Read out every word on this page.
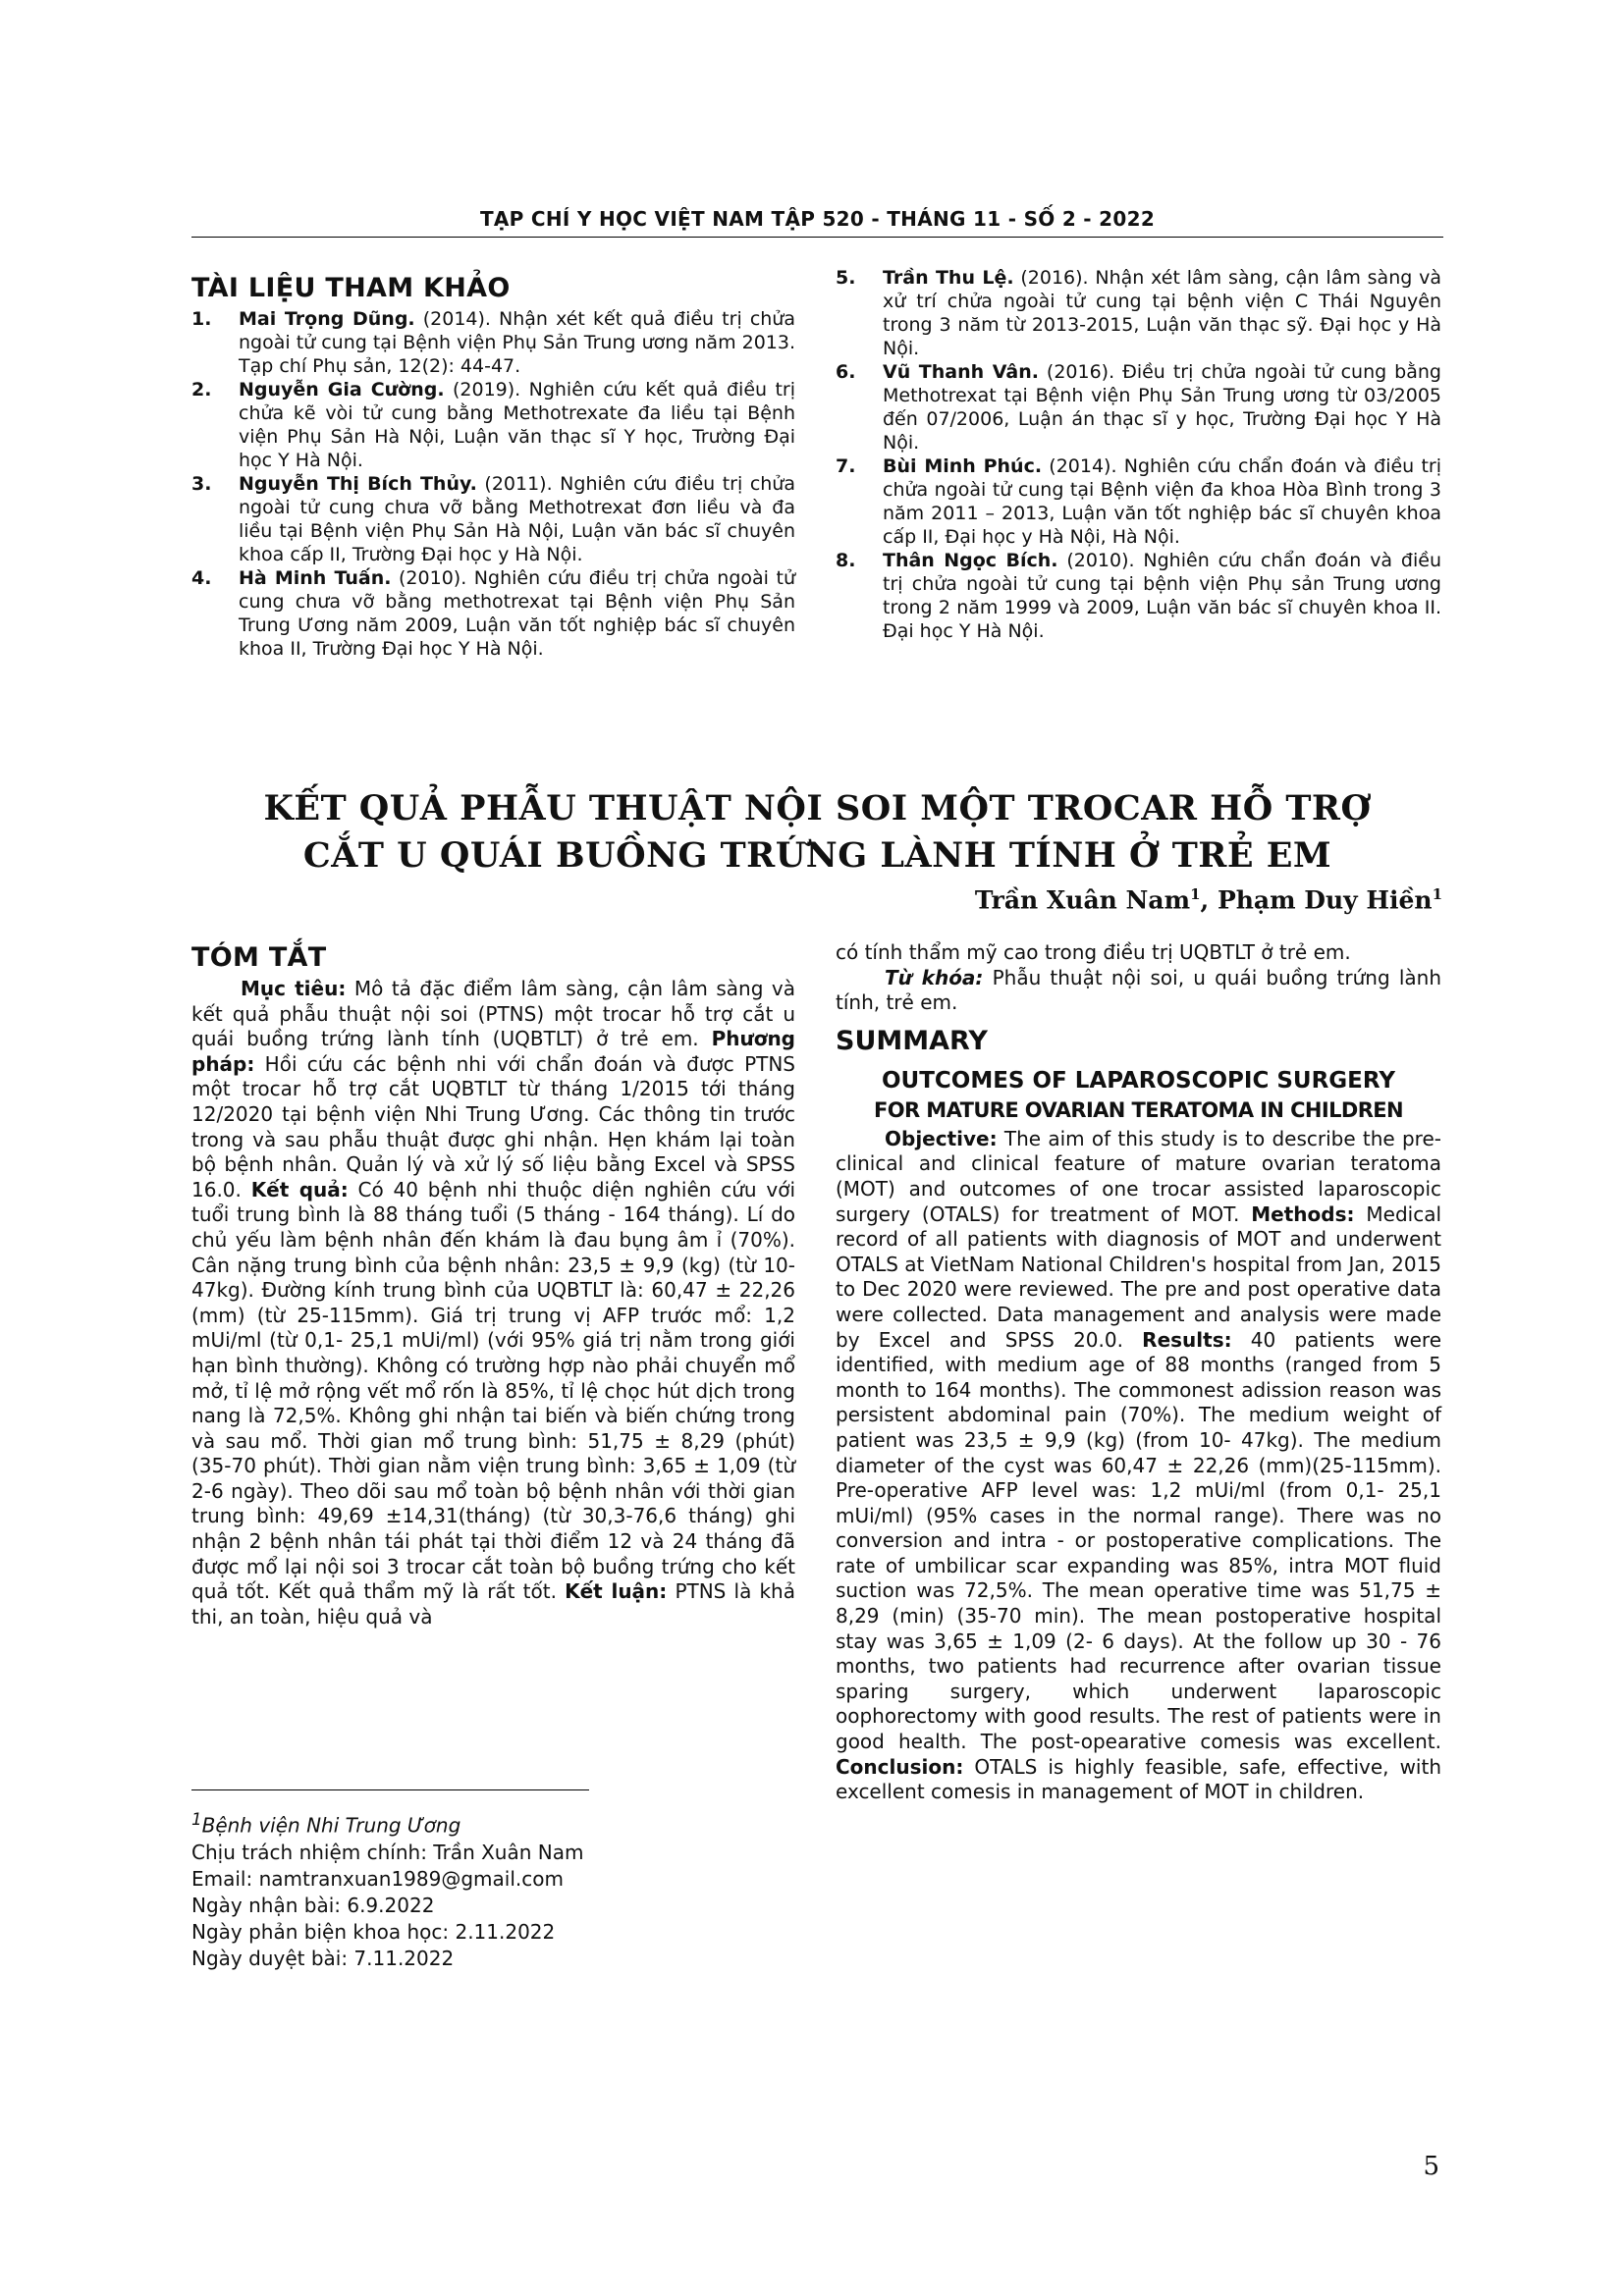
TẠP CHÍ Y HỌC VIỆT NAM TẬP 520 - THÁNG 11 - SỐ 2 - 2022
TÀI LIỆU THAM KHẢO
1.	Mai Trọng Dũng. (2014). Nhận xét kết quả điều trị chửa ngoài tử cung tại Bệnh viện Phụ Sản Trung ương năm 2013. Tạp chí Phụ sản, 12(2): 44-47.
2.	Nguyễn Gia Cường. (2019). Nghiên cứu kết quả điều trị chửa kẽ vòi tử cung bằng Methotrexate đa liều tại Bệnh viện Phụ Sản Hà Nội, Luận văn thạc sĩ Y học, Trường Đại học Y Hà Nội.
3.	Nguyễn Thị Bích Thủy. (2011). Nghiên cứu điều trị chửa ngoài tử cung chưa vỡ bằng Methotrexat đơn liều và đa liều tại Bệnh viện Phụ Sản Hà Nội, Luận văn bác sĩ chuyên khoa cấp II, Trường Đại học y Hà Nội.
4.	Hà Minh Tuấn. (2010). Nghiên cứu điều trị chửa ngoài tử cung chưa vỡ bằng methotrexat tại Bệnh viện Phụ Sản Trung Ương năm 2009, Luận văn tốt nghiệp bác sĩ chuyên khoa II, Trường Đại học Y Hà Nội.
5.	Trần Thu Lệ. (2016). Nhận xét lâm sàng, cận lâm sàng và xử trí chửa ngoài tử cung tại bệnh viện C Thái Nguyên trong 3 năm từ 2013-2015, Luận văn thạc sỹ. Đại học y Hà Nội.
6.	Vũ Thanh Vân. (2016). Điều trị chửa ngoài tử cung bằng Methotrexat tại Bệnh viện Phụ Sản Trung ương từ 03/2005 đến 07/2006, Luận án thạc sĩ y học, Trường Đại học Y Hà Nội.
7.	Bùi Minh Phúc. (2014). Nghiên cứu chẩn đoán và điều trị chửa ngoài tử cung tại Bệnh viện đa khoa Hòa Bình trong 3 năm 2011 – 2013, Luận văn tốt nghiệp bác sĩ chuyên khoa cấp II, Đại học y Hà Nội, Hà Nội.
8.	Thân Ngọc Bích. (2010). Nghiên cứu chẩn đoán và điều trị chửa ngoài tử cung tại bệnh viện Phụ sản Trung ương trong 2 năm 1999 và 2009, Luận văn bác sĩ chuyên khoa II. Đại học Y Hà Nội.
KẾT QUẢ PHẪU THUẬT NỘI SOI MỘT TROCAR HỖ TRỢ
CẮT U QUÁI BUỒNG TRỨNG LÀNH TÍNH Ở TRẺ EM
Trần Xuân Nam$^1$, Phạm Duy Hiền$^1$
TÓM TẮT

Mục tiêu: Mô tả đặc điểm lâm sàng, cận lâm sàng và kết quả phẫu thuật nội soi (PTNS) một trocar hỗ trợ cắt u quái buồng trứng lành tính (UQBTLT) ở trẻ em. Phương pháp: Hồi cứu các bệnh nhi với chẩn đoán và được PTNS một trocar hỗ trợ cắt UQBTLT từ tháng 1/2015 tới tháng 12/2020 tại bệnh viện Nhi Trung Ương. Các thông tin trước trong và sau phẫu thuật được ghi nhận. Hẹn khám lại toàn bộ bệnh nhân. Quản lý và xử lý số liệu bằng Excel và SPSS 16.0. Kết quả: Có 40 bệnh nhi thuộc diện nghiên cứu với tuổi trung bình là 88 tháng tuổi (5 tháng - 164 tháng). Lí do chủ yếu làm bệnh nhân đến khám là đau bụng âm ỉ (70%). Cân nặng trung bình của bệnh nhân: 23,5 ± 9,9 (kg) (từ 10- 47kg). Đường kính trung bình của UQBTLT là: 60,47 ± 22,26 (mm) (từ 25-115mm). Giá trị trung vị AFP trước mổ: 1,2 mUi/ml (từ 0,1- 25,1 mUi/ml) (với 95% giá trị nằm trong giới hạn bình thường). Không có trường hợp nào phải chuyển mổ mở, tỉ lệ mở rộng vết mổ rốn là 85%, tỉ lệ chọc hút dịch trong nang là 72,5%. Không ghi nhận tai biến và biến chứng trong và sau mổ. Thời gian mổ trung bình: 51,75 ± 8,29 (phút) (35-70 phút). Thời gian nằm viện trung bình: 3,65 ± 1,09 (từ 2-6 ngày). Theo dõi sau mổ toàn bộ bệnh nhân với thời gian trung bình: 49,69 ±14,31(tháng) (từ 30,3-76,6 tháng) ghi nhận 2 bệnh nhân tái phát tại thời điểm 12 và 24 tháng đã được mổ lại nội soi 3 trocar cắt toàn bộ buồng trứng cho kết quả tốt. Kết quả thẩm mỹ là rất tốt. Kết luận: PTNS là khả thi, an toàn, hiệu quả và

có tính thẩm mỹ cao trong điều trị UQBTLT ở trẻ em.

Từ khóa: Phẫu thuật nội soi, u quái buồng trứng lành tính, trẻ em.

SUMMARY
OUTCOMES OF LAPAROSCOPIC SURGERY
FOR MATURE OVARIAN TERATOMA IN CHILDREN

Objective: The aim of this study is to describe the pre-clinical and clinical feature of mature ovarian teratoma (MOT) and outcomes of one trocar assisted laparoscopic surgery (OTALS) for treatment of MOT. Methods: Medical record of all patients with diagnosis of MOT and underwent OTALS at VietNam National Children's hospital from Jan, 2015 to Dec 2020 were reviewed. The pre and post operative data were collected. Data management and analysis were made by Excel and SPSS 20.0. Results: 40 patients were identified, with medium age of 88 months (ranged from 5 month to 164 months). The commonest adission reason was persistent abdominal pain (70%). The medium weight of patient was 23,5 ± 9,9 (kg) (from 10- 47kg). The medium diameter of the cyst was 60,47 ± 22,26 (mm)(25-115mm). Pre-operative AFP level was: 1,2 mUi/ml (from 0,1- 25,1 mUi/ml) (95% cases in the normal range). There was no conversion and intra - or postoperative complications. The rate of umbilicar scar expanding was 85%, intra MOT fluid suction was 72,5%. The mean operative time was 51,75 ± 8,29 (min) (35-70 min). The mean postoperative hospital stay was 3,65 ± 1,09 (2- 6 days). At the follow up 30 - 76 months, two patients had recurrence after ovarian tissue sparing surgery, which underwent laparoscopic oophorectomy with good results. The rest of patients were in good health. The post-opearative comesis was excellent. Conclusion: OTALS is highly feasible, safe, effective, with excellent comesis in management of MOT in children.

$^1$Bệnh viện Nhi Trung Ương
Chịu trách nhiệm chính: Trần Xuân Nam
Email: namtranxuan1989@gmail.com
Ngày nhận bài: 6.9.2022
Ngày phản biện khoa học: 2.11.2022
Ngày duyệt bài: 7.11.2022
5
